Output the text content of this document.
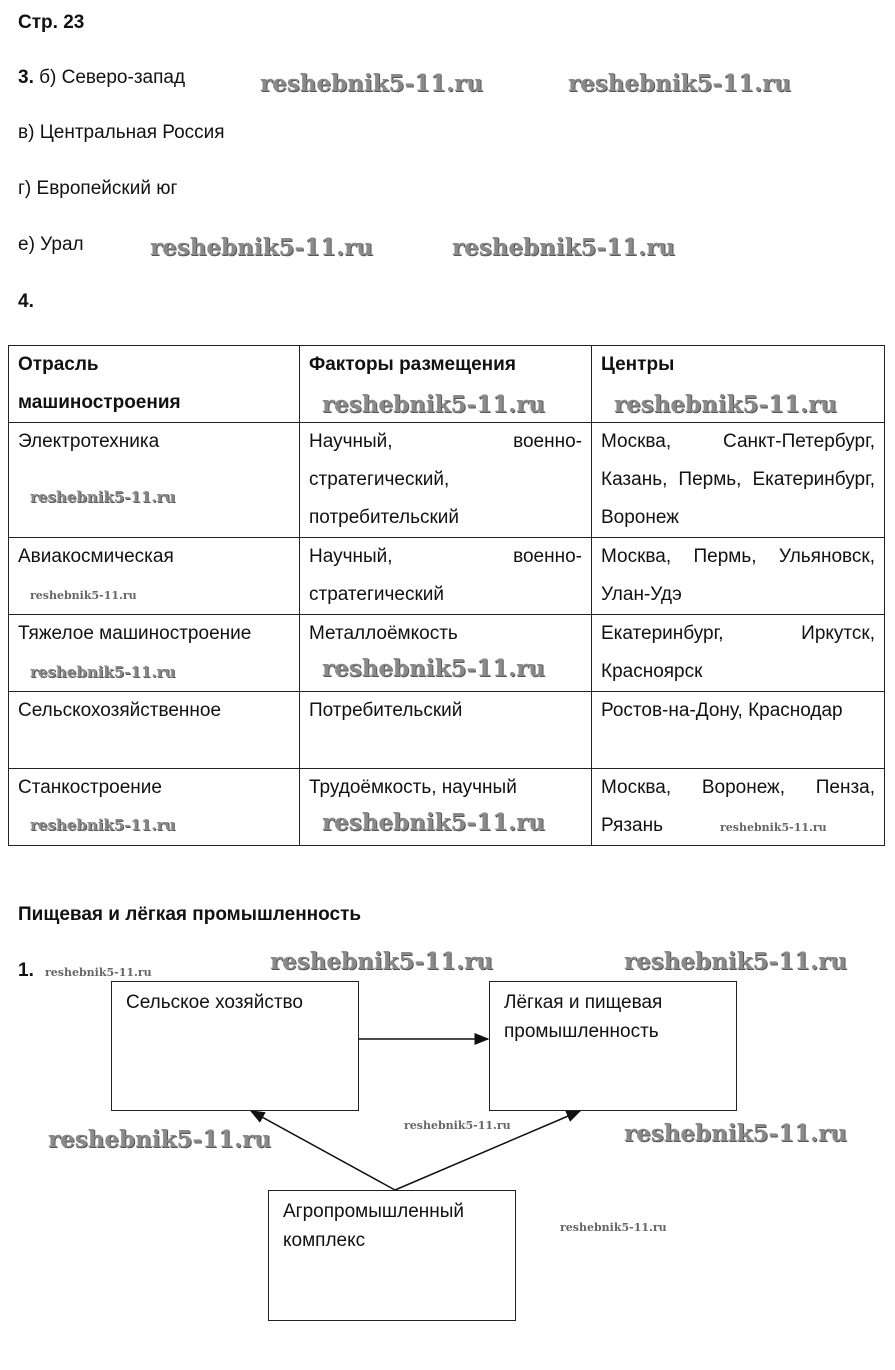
Стр. 23
3. б) Северо-запад
в) Центральная Россия
г) Европейский юг
е) Урал
4.
Отрасль машиностроения	Факторы размещения	Центры
Электротехника	Научный, военно-стратегический, потребительский	Москва, Санкт-Петербург, Казань, Пермь, Екатеринбург, Воронеж
Авиакосмическая	Научный, военно-стратегический	Москва, Пермь, Ульяновск, Улан-Удэ
Тяжелое машиностроение	Металлоёмкость	Екатеринбург, Иркутск, Красноярск
Сельскохозяйственное	Потребительский	Ростов-на-Дону, Краснодар
Станкостроение	Трудоёмкость, научный	Москва, Воронеж, Пенза, Рязань
Пищевая и лёгкая промышленность
1.
Сельское хозяйство	Лёгкая и пищевая промышленность
Агропромышленный комплекс
reshebnik5-11.ru	reshebnik5-11.ru
reshebnik5-11.ru	reshebnik5-11.ru
reshebnik5-11.ru	reshebnik5-11.ru
reshebnik5-11.ru
reshebnik5-11.ru
reshebnik5-11.ru
reshebnik5-11.ru
reshebnik5-11.ru
reshebnik5-11.ru	reshebnik5-11.ru
reshebnik5-11.ru	reshebnik5-11.ru
reshebnik5-11.ru
reshebnik5-11.ru
reshebnik5-11.ru	reshebnik5-11.ru
reshebnik5-11.ru
